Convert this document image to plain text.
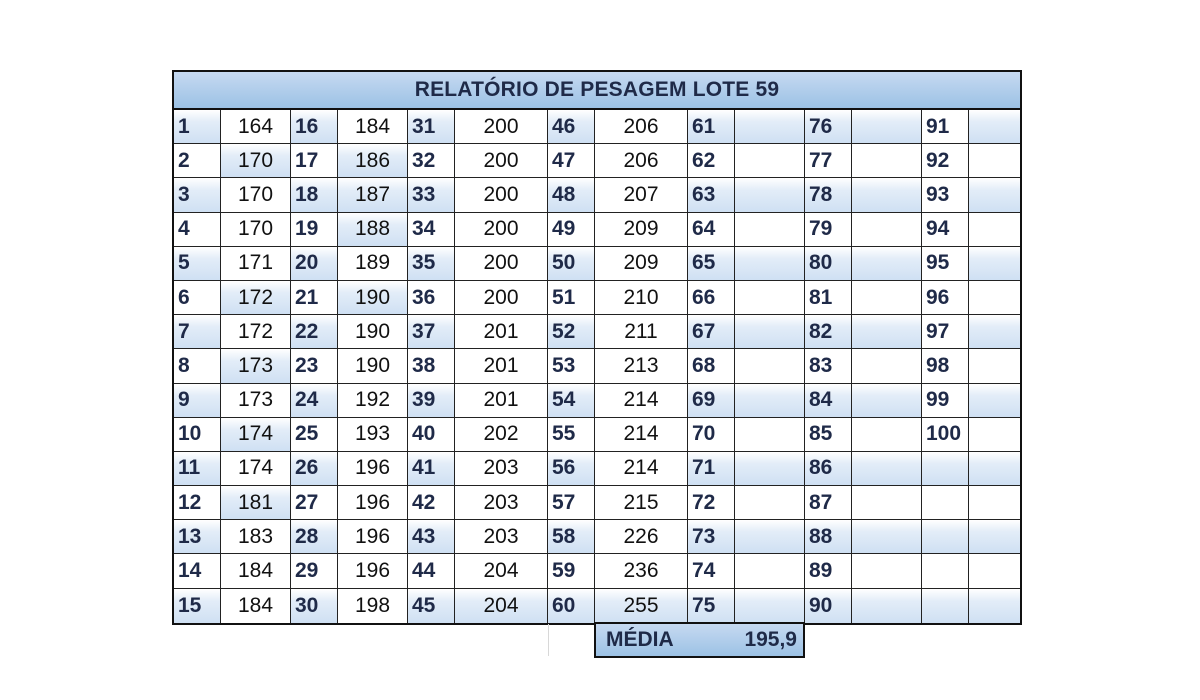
RELATÓRIO DE PESAGEM LOTE 59
1	164	16	184	31	200	46	206	61	76	91
2	170	17	186	32	200	47	206	62	77	92
3	170	18	187	33	200	48	207	63	78	93
4	170	19	188	34	200	49	209	64	79	94
5	171	20	189	35	200	50	209	65	80	95
6	172	21	190	36	200	51	210	66	81	96
7	172	22	190	37	201	52	211	67	82	97
8	173	23	190	38	201	53	213	68	83	98
9	173	24	192	39	201	54	214	69	84	99
10	174	25	193	40	202	55	214	70	85	100
11	174	26	196	41	203	56	214	71	86
12	181	27	196	42	203	57	215	72	87
13	183	28	196	43	203	58	226	73	88
14	184	29	196	44	204	59	236	74	89
15	184	30	198	45	204	60	255	75	90
MÉDIA	195,9
